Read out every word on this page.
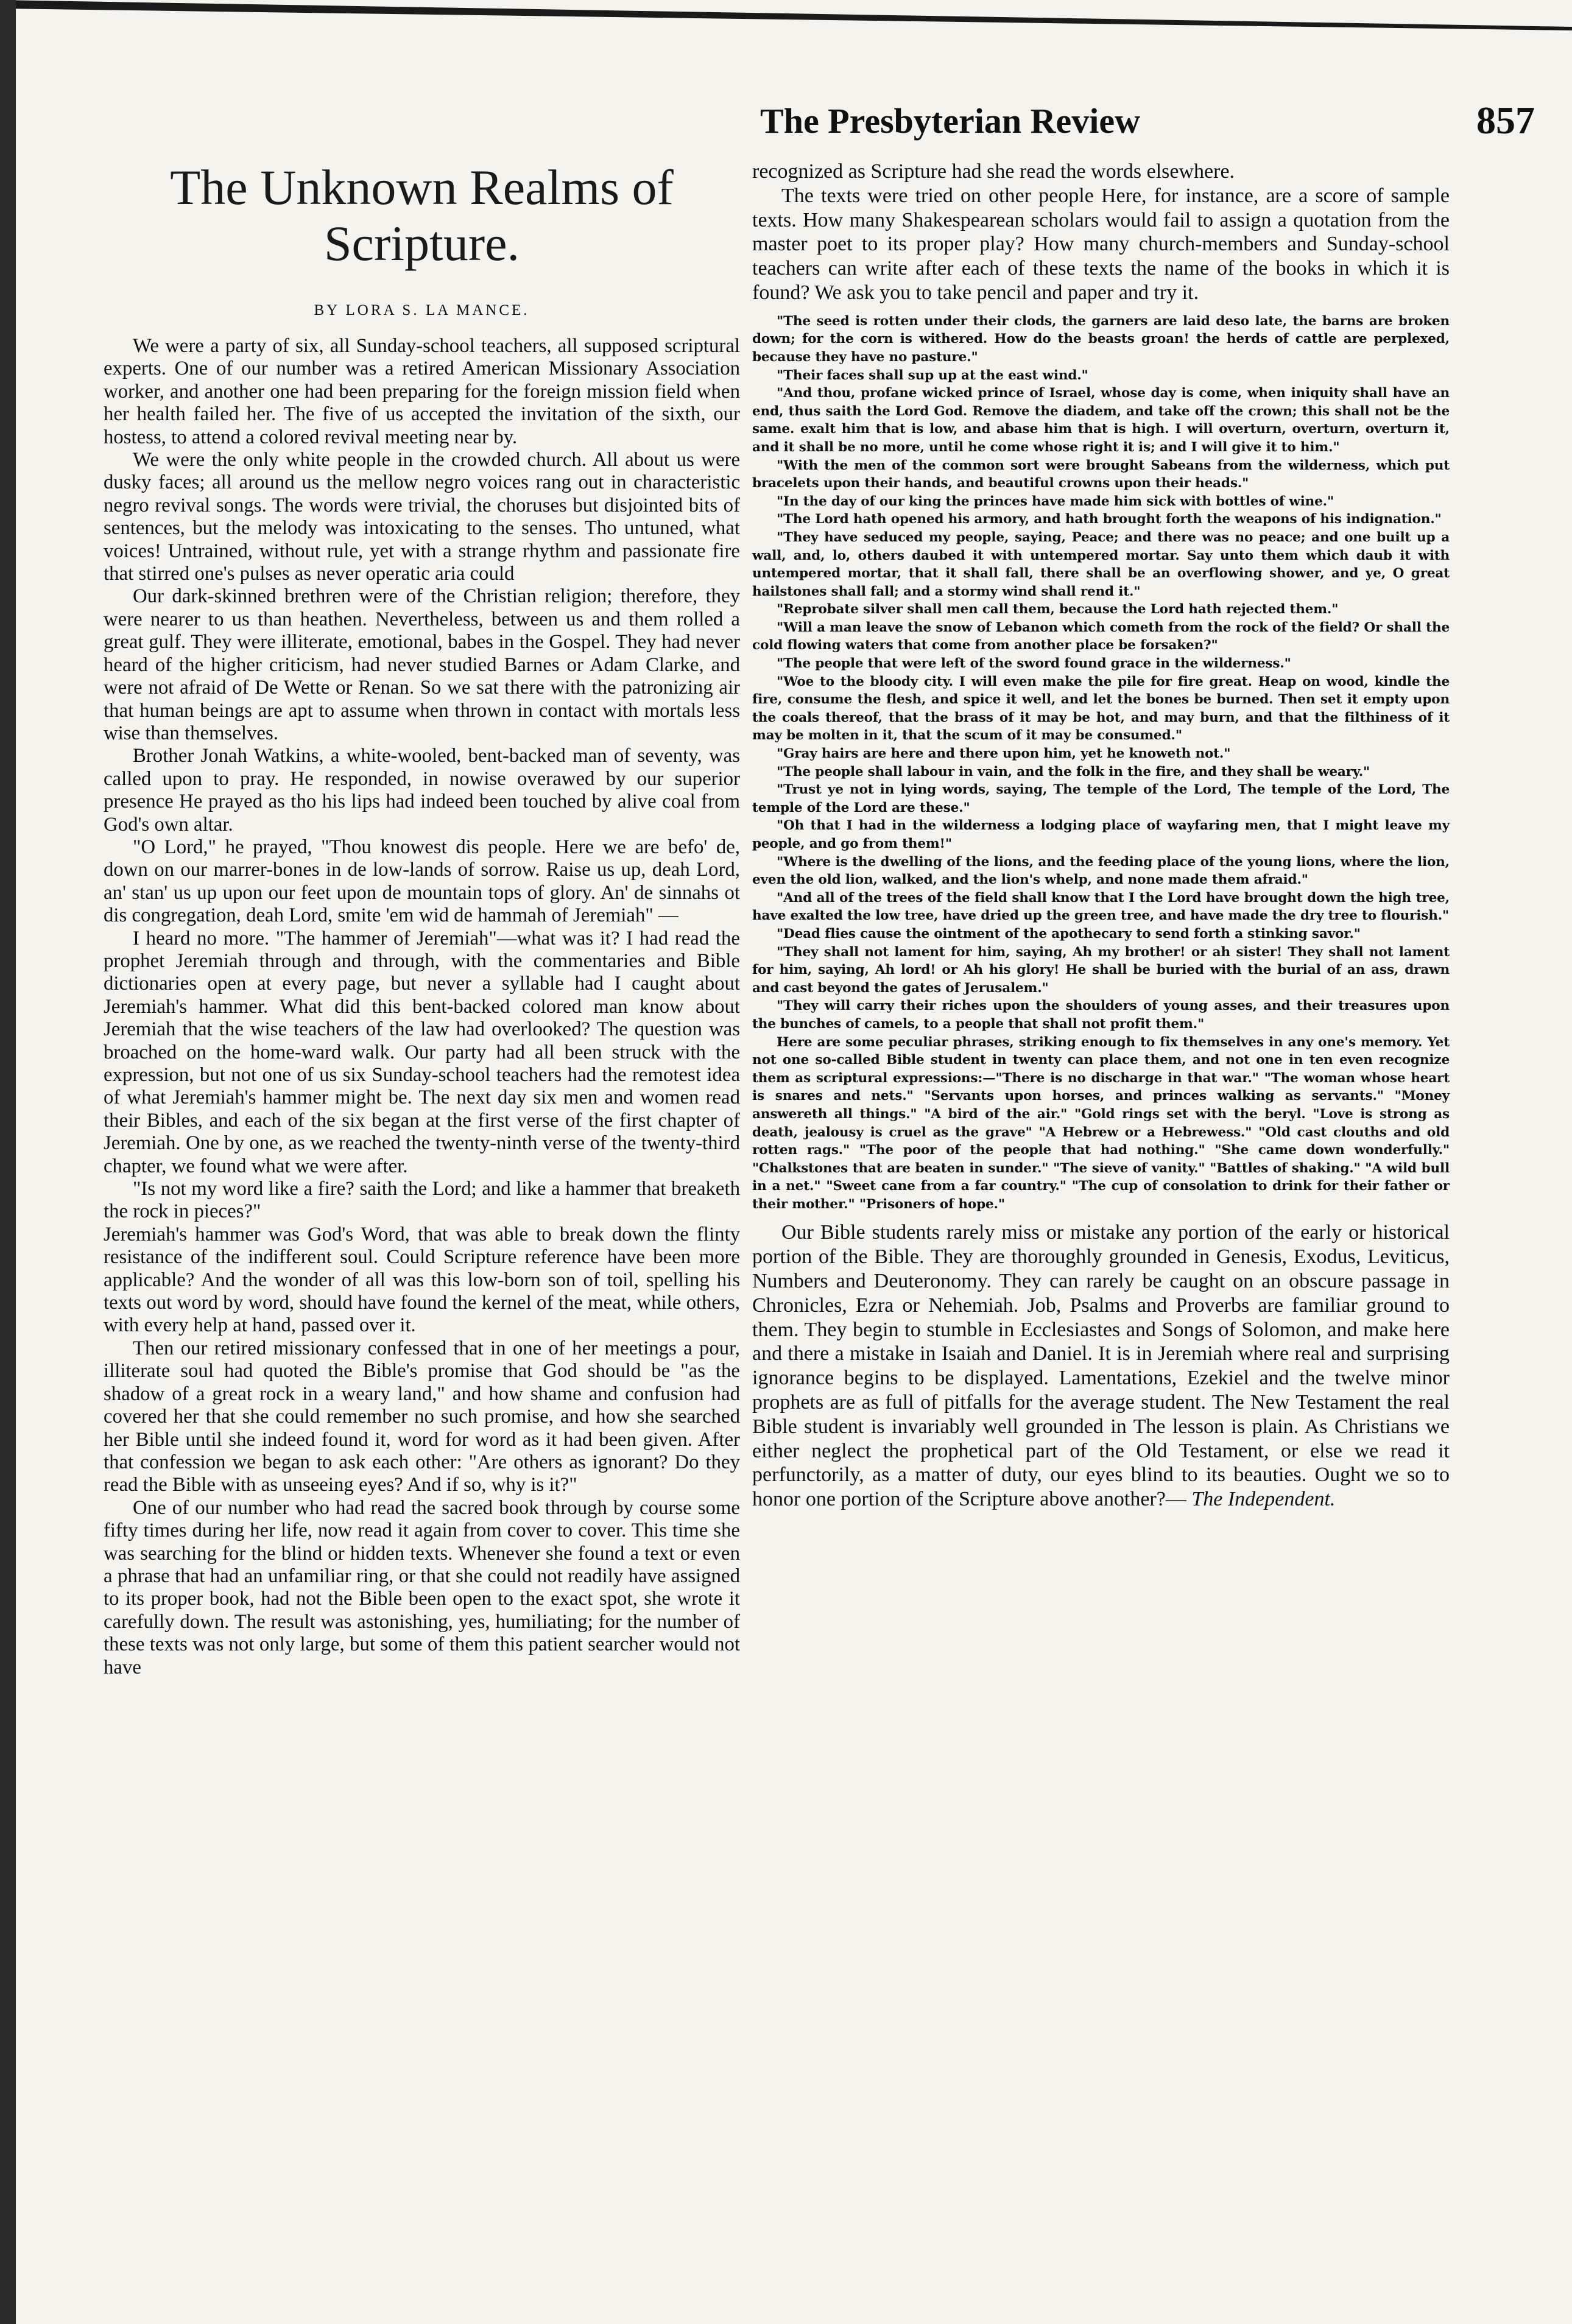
The Presbyterian Review	857
The Unknown Realms of Scripture.
BY LORA S. LA MANCE.

We were a party of six, all Sunday-school teachers, all supposed scriptural experts. One of our number was a retired American Missionary Association worker, and another one had been preparing for the foreign mission field when her health failed her. The five of us accepted the invitation of the sixth, our hostess, to attend a colored revival meeting near by.

We were the only white people in the crowded church. All about us were dusky faces; all around us the mellow negro voices rang out in characteristic negro revival songs. The words were trivial, the choruses but disjointed bits of sentences, but the melody was intoxicating to the senses. Tho untuned, what voices! Untrained, without rule, yet with a strange rhythm and passionate fire that stirred one's pulses as never operatic aria could

Our dark-skinned brethren were of the Christian religion; therefore, they were nearer to us than heathen. Nevertheless, between us and them rolled a great gulf. They were illiterate, emotional, babes in the Gospel. They had never heard of the higher criticism, had never studied Barnes or Adam Clarke, and were not afraid of De Wette or Renan. So we sat there with the patronizing air that human beings are apt to assume when thrown in contact with mortals less wise than themselves.

Brother Jonah Watkins, a white-wooled, bent-backed man of seventy, was called upon to pray. He responded, in nowise overawed by our superior presence He prayed as tho his lips had indeed been touched by alive coal from God's own altar.

"O Lord," he prayed, "Thou knowest dis people. Here we are befo' de, down on our marrer-bones in de low-lands of sorrow. Raise us up, deah Lord, an' stan' us up upon our feet upon de mountain tops of glory. An' de sinnahs ot dis congregation, deah Lord, smite 'em wid de hammah of Jeremiah" —

I heard no more. "The hammer of Jeremiah"—what was it? I had read the prophet Jeremiah through and through, with the commentaries and Bible dictionaries open at every page, but never a syllable had I caught about Jeremiah's hammer. What did this bent-backed colored man know about Jeremiah that the wise teachers of the law had overlooked? The question was broached on the home-ward walk. Our party had all been struck with the expression, but not one of us six Sunday-school teachers had the remotest idea of what Jeremiah's hammer might be. The next day six men and women read their Bibles, and each of the six began at the first verse of the first chapter of Jeremiah. One by one, as we reached the twenty-ninth verse of the twenty-third chapter, we found what we were after.

"Is not my word like a fire? saith the Lord; and like a hammer that breaketh the rock in pieces?"

Jeremiah's hammer was God's Word, that was able to break down the flinty resistance of the indifferent soul. Could Scripture reference have been more applicable? And the wonder of all was this low-born son of toil, spelling his texts out word by word, should have found the kernel of the meat, while others, with every help at hand, passed over it.

Then our retired missionary confessed that in one of her meetings a pour, illiterate soul had quoted the Bible's promise that God should be "as the shadow of a great rock in a weary land," and how shame and confusion had covered her that she could remember no such promise, and how she searched her Bible until she indeed found it, word for word as it had been given. After that confession we began to ask each other: "Are others as ignorant? Do they read the Bible with as unseeing eyes? And if so, why is it?"

One of our number who had read the sacred book through by course some fifty times during her life, now read it again from cover to cover. This time she was searching for the blind or hidden texts. Whenever she found a text or even a phrase that had an unfamiliar ring, or that she could not readily have assigned to its proper book, had not the Bible been open to the exact spot, she wrote it carefully down. The result was astonishing, yes, humiliating; for the number of these texts was not only large, but some of them this patient searcher would not have

recognized as Scripture had she read the words elsewhere.

The texts were tried on other people Here, for instance, are a score of sample texts. How many Shakespearean scholars would fail to assign a quotation from the master poet to its proper play? How many church-members and Sunday-school teachers can write after each of these texts the name of the books in which it is found? We ask you to take pencil and paper and try it.

"The seed is rotten under their clods, the garners are laid deso late, the barns are broken down; for the corn is withered. How do the beasts groan! the herds of cattle are perplexed, because they have no pasture."

"Their faces shall sup up at the east wind."

"And thou, profane wicked prince of Israel, whose day is come, when iniquity shall have an end, thus saith the Lord God. Remove the diadem, and take off the crown; this shall not be the same. exalt him that is low, and abase him that is high. I will overturn, overturn, overturn it, and it shall be no more, until he come whose right it is; and I will give it to him."

"With the men of the common sort were brought Sabeans from the wilderness, which put bracelets upon their hands, and beautiful crowns upon their heads."

"In the day of our king the princes have made him sick with bottles of wine."

"The Lord hath opened his armory, and hath brought forth the weapons of his indignation."

"They have seduced my people, saying, Peace; and there was no peace; and one built up a wall, and, lo, others daubed it with untempered mortar. Say unto them which daub it with untempered mortar, that it shall fall, there shall be an overflowing shower, and ye, O great hailstones shall fall; and a stormy wind shall rend it."

"Reprobate silver shall men call them, because the Lord hath rejected them."

"Will a man leave the snow of Lebanon which cometh from the rock of the field? Or shall the cold flowing waters that come from another place be forsaken?"

"The people that were left of the sword found grace in the wilderness."

"Woe to the bloody city. I will even make the pile for fire great. Heap on wood, kindle the fire, consume the flesh, and spice it well, and let the bones be burned. Then set it empty upon the coals thereof, that the brass of it may be hot, and may burn, and that the filthiness of it may be molten in it, that the scum of it may be consumed."

"Gray hairs are here and there upon him, yet he knoweth not."

"The people shall labour in vain, and the folk in the fire, and they shall be weary."

"Trust ye not in lying words, saying, The temple of the Lord, The temple of the Lord, The temple of the Lord are these."

"Oh that I had in the wilderness a lodging place of wayfaring men, that I might leave my people, and go from them!"

"Where is the dwelling of the lions, and the feeding place of the young lions, where the lion, even the old lion, walked, and the lion's whelp, and none made them afraid."

"And all of the trees of the field shall know that I the Lord have brought down the high tree, have exalted the low tree, have dried up the green tree, and have made the dry tree to flourish."

"Dead flies cause the ointment of the apothecary to send forth a stinking savor."

"They shall not lament for him, saying, Ah my brother! or ah sister! They shall not lament for him, saying, Ah lord! or Ah his glory! He shall be buried with the burial of an ass, drawn and cast beyond the gates of Jerusalem."

"They will carry their riches upon the shoulders of young asses, and their treasures upon the bunches of camels, to a people that shall not profit them."

Here are some peculiar phrases, striking enough to fix themselves in any one's memory. Yet not one so-called Bible student in twenty can place them, and not one in ten even recognize them as scriptural expressions:—"There is no discharge in that war." "The woman whose heart is snares and nets." "Servants upon horses, and princes walking as servants." "Money answereth all things." "A bird of the air." "Gold rings set with the beryl. "Love is strong as death, jealousy is cruel as the grave" "A Hebrew or a Hebrewess." "Old cast clouths and old rotten rags." "The poor of the people that had nothing." "She came down wonderfully." "Chalkstones that are beaten in sunder." "The sieve of vanity." "Battles of shaking." "A wild bull in a net." "Sweet cane from a far country." "The cup of consolation to drink for their father or their mother." "Prisoners of hope."

Our Bible students rarely miss or mistake any portion of the early or historical portion of the Bible. They are thoroughly grounded in Genesis, Exodus, Leviticus, Numbers and Deuteronomy. They can rarely be caught on an obscure passage in Chronicles, Ezra or Nehemiah. Job, Psalms and Proverbs are familiar ground to them. They begin to stumble in Ecclesiastes and Songs of Solomon, and make here and there a mistake in Isaiah and Daniel. It is in Jeremiah where real and surprising ignorance begins to be displayed. Lamentations, Ezekiel and the twelve minor prophets are as full of pitfalls for the average student. The New Testament the real Bible student is invariably well grounded in The lesson is plain. As Christians we either neglect the prophetical part of the Old Testament, or else we read it perfunctorily, as a matter of duty, our eyes blind to its beauties. Ought we so to honor one portion of the Scripture above another?— The Independent.
